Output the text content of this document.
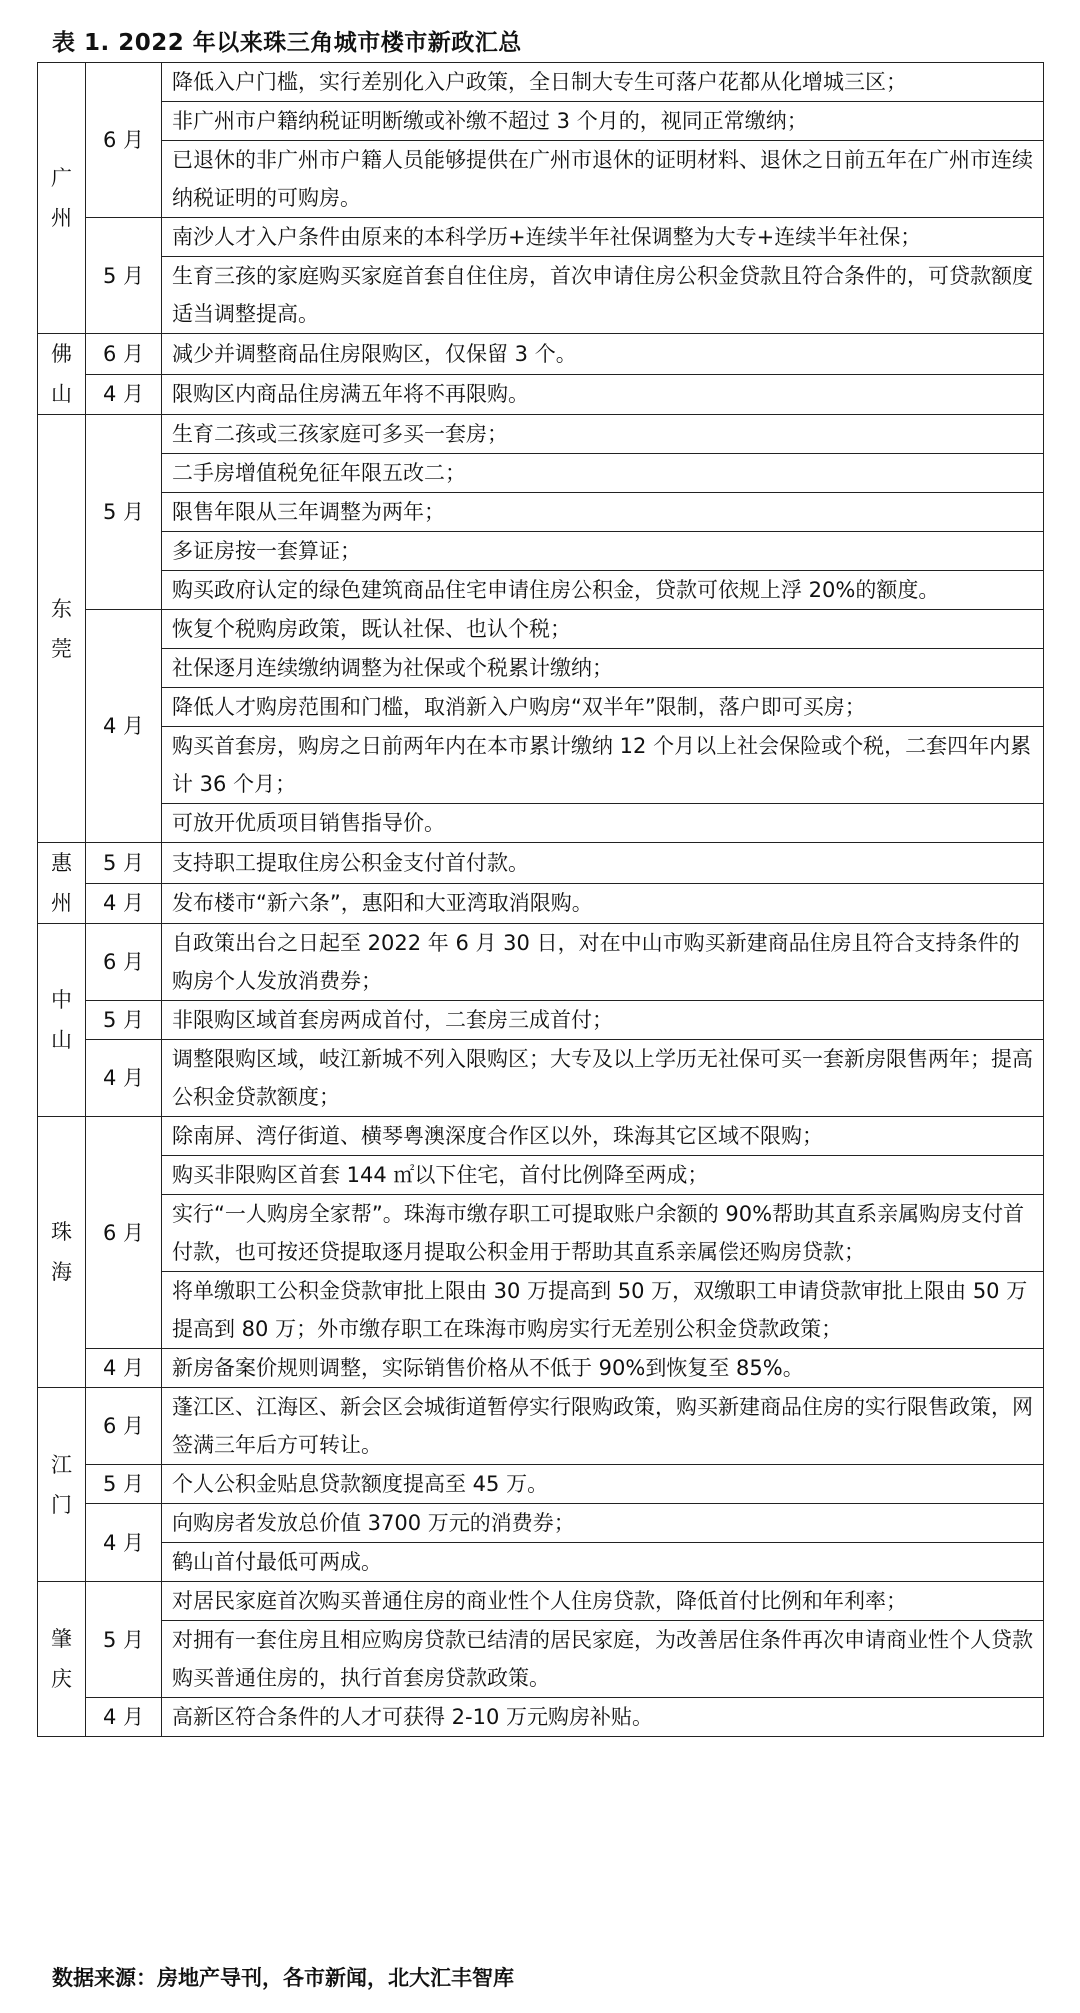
表 1. 2022 年以来珠三角城市楼市新政汇总
广
州	6 月	降低入户门槛，实行差别化入户政策，全日制大专生可落户花都从化增城三区；
		非广州市户籍纳税证明断缴或补缴不超过 3 个月的，视同正常缴纳；
		已退休的非广州市户籍人员能够提供在广州市退休的证明材料、退休之日前五年在广州市连续纳税证明的可购房。
	5 月	南沙人才入户条件由原来的本科学历+连续半年社保调整为大专+连续半年社保；
		生育三孩的家庭购买家庭首套自住住房，首次申请住房公积金贷款且符合条件的，可贷款额度适当调整提高。

佛
山	6 月	减少并调整商品住房限购区，仅保留 3 个。
	4 月	限购区内商品住房满五年将不再限购。

东
莞	5 月	生育二孩或三孩家庭可多买一套房；
		二手房增值税免征年限五改二；
		限售年限从三年调整为两年；
		多证房按一套算证；
		购买政府认定的绿色建筑商品住宅申请住房公积金，贷款可依规上浮 20%的额度。
	4 月	恢复个税购房政策，既认社保、也认个税；
		社保逐月连续缴纳调整为社保或个税累计缴纳；
		降低人才购房范围和门槛，取消新入户购房“双半年”限制，落户即可买房；
		购买首套房，购房之日前两年内在本市累计缴纳 12 个月以上社会保险或个税，二套四年内累计 36 个月；
		可放开优质项目销售指导价。

惠
州	5 月	支持职工提取住房公积金支付首付款。
	4 月	发布楼市“新六条”，惠阳和大亚湾取消限购。

中
山	6 月	自政策出台之日起至 2022 年 6 月 30 日，对在中山市购买新建商品住房且符合支持条件的购房个人发放消费券；
	5 月	非限购区域首套房两成首付，二套房三成首付；
	4 月	调整限购区域，岐江新城不列入限购区；大专及以上学历无社保可买一套新房限售两年；提高公积金贷款额度；

珠
海	6 月	除南屏、湾仔街道、横琴粤澳深度合作区以外，珠海其它区域不限购；
		购买非限购区首套 144 ㎡以下住宅，首付比例降至两成；
		实行“一人购房全家帮”。珠海市缴存职工可提取账户余额的 90%帮助其直系亲属购房支付首付款，也可按还贷提取逐月提取公积金用于帮助其直系亲属偿还购房贷款；
		将单缴职工公积金贷款审批上限由 30 万提高到 50 万，双缴职工申请贷款审批上限由 50 万提高到 80 万；外市缴存职工在珠海市购房实行无差别公积金贷款政策；
	4 月	新房备案价规则调整，实际销售价格从不低于 90%到恢复至 85%。

江
门	6 月	蓬江区、江海区、新会区会城街道暂停实行限购政策，购买新建商品住房的实行限售政策，网签满三年后方可转让。
	5 月	个人公积金贴息贷款额度提高至 45 万。
	4 月	向购房者发放总价值 3700 万元的消费券；
		鹤山首付最低可两成。

肇
庆	5 月	对居民家庭首次购买普通住房的商业性个人住房贷款，降低首付比例和年利率；
		对拥有一套住房且相应购房贷款已结清的居民家庭，为改善居住条件再次申请商业性个人贷款购买普通住房的，执行首套房贷款政策。
	4 月	高新区符合条件的人才可获得 2-10 万元购房补贴。
数据来源：房地产导刊，各市新闻，北大汇丰智库
